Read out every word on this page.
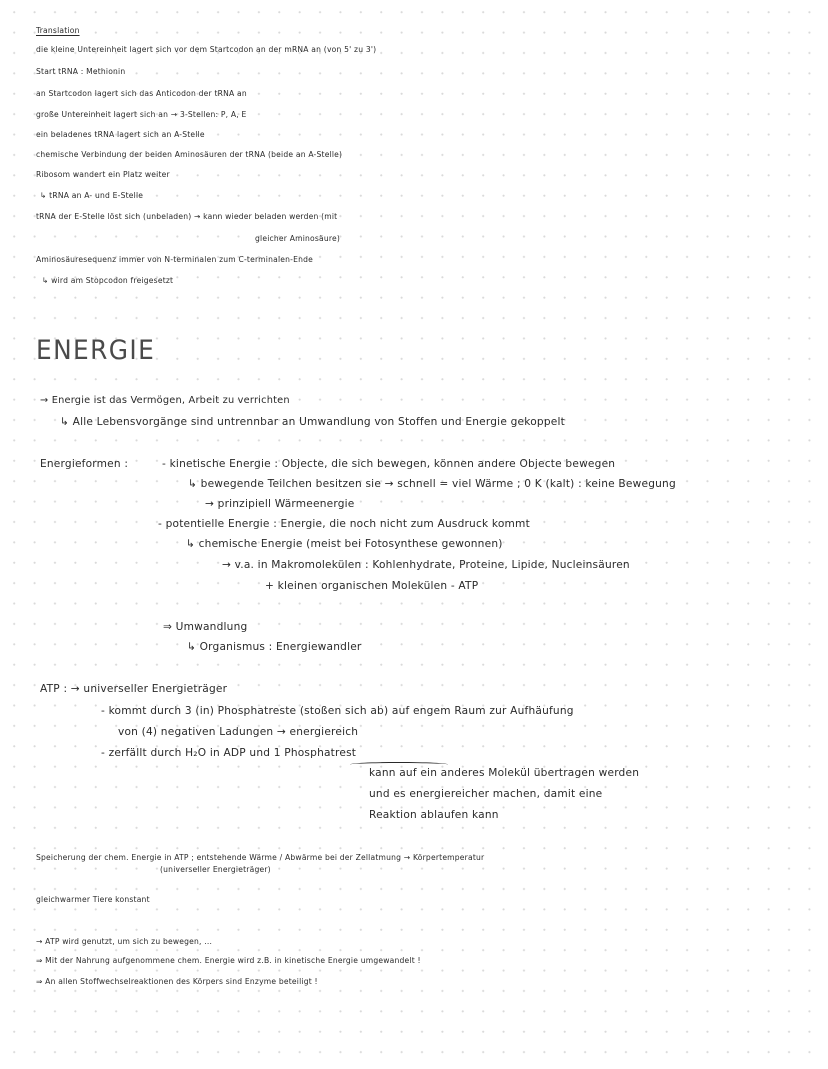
Translation
die kleine Untereinheit lagert sich vor dem Startcodon an der mRNA an (von 5' zu 3')
Start tRNA : Methionin
an Startcodon lagert sich das Anticodon der tRNA an
große Untereinheit lagert sich an → 3-Stellen: P, A, E
ein beladenes tRNA lagert sich an A-Stelle
chemische Verbindung der beiden Aminosäuren der tRNA (beide an A-Stelle)
Ribosom wandert ein Platz weiter
↳ tRNA an A- und E-Stelle
tRNA der E-Stelle löst sich (unbeladen) → kann wieder beladen werden (mit
gleicher Aminosäure)
Aminosäuresequenz immer von N-terminalen zum C-terminalen-Ende
↳ wird am Stopcodon freigesetzt
ENERGIE
→ Energie ist das Vermögen, Arbeit zu verrichten
↳ Alle Lebensvorgänge sind untrennbar an Umwandlung von Stoffen und Energie gekoppelt
Energieformen :	- kinetische Energie : Objecte, die sich bewegen, können andere Objecte bewegen
↳ bewegende Teilchen besitzen sie → schnell = viel Wärme ; 0 K (kalt) : keine Bewegung
→ prinzipiell Wärmeenergie
- potentielle Energie : Energie, die noch nicht zum Ausdruck kommt
↳ chemische Energie (meist bei Fotosynthese gewonnen)
→ v.a. in Makromolekülen : Kohlenhydrate, Proteine, Lipide, Nucleinsäuren
+ kleinen organischen Molekülen - ATP
⇒ Umwandlung
↳ Organismus : Energiewandler
ATP : → universeller Energieträger
- kommt durch 3 (in) Phosphatreste (stoßen sich ab) auf engem Raum zur Aufhäufung
von (4) negativen Ladungen → energiereich
- zerfällt durch H₂O in ADP und 1 Phosphatrest
kann auf ein anderes Molekül übertragen werden
und es energiereicher machen, damit eine
Reaktion ablaufen kann
Speicherung der chem. Energie in ATP ; entstehende Wärme / Abwärme bei der Zellatmung → Körpertemperatur
(universeller Energieträger)
gleichwarmer Tiere konstant
→ ATP wird genutzt, um sich zu bewegen, ...
⇒ Mit der Nahrung aufgenommene chem. Energie wird z.B. in kinetische Energie umgewandelt !
⇒ An allen Stoffwechselreaktionen des Körpers sind Enzyme beteiligt !
